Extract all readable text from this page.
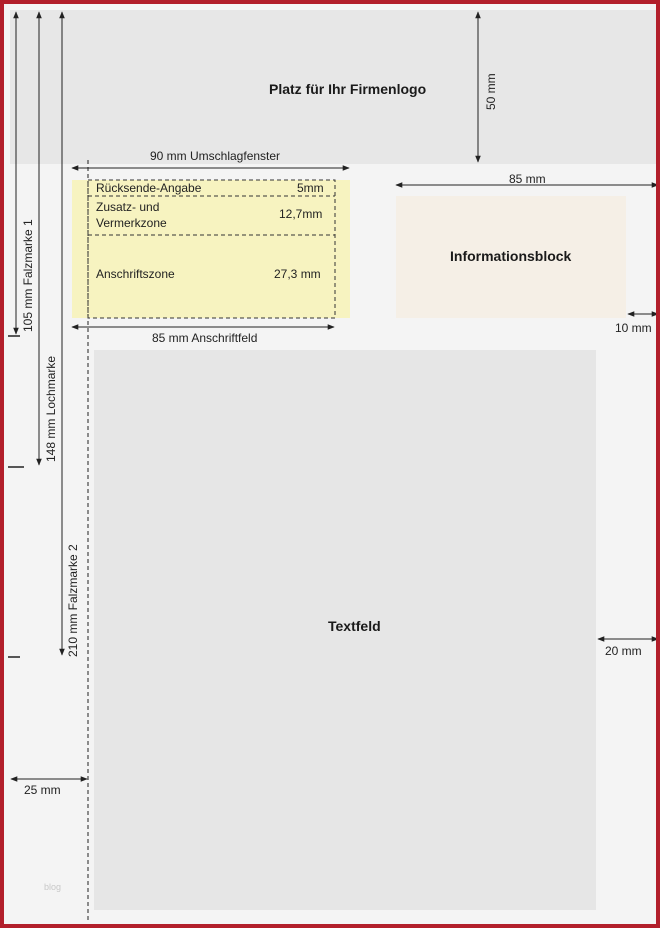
Platz für Ihr Firmenlogo	50 mm
90 mm Umschlagfenster
Rücksende-Angabe	5mm
Zusatz- und
Vermerkzone
12,7mm
Anschriftszone	27,3 mm
85 mm Anschriftfeld
85 mm
Informationsblock
10 mm
Textfeld
20 mm
105 mm Falzmarke 1
148 mm Lochmarke
210 mm Falzmarke 2
25 mm
blog
